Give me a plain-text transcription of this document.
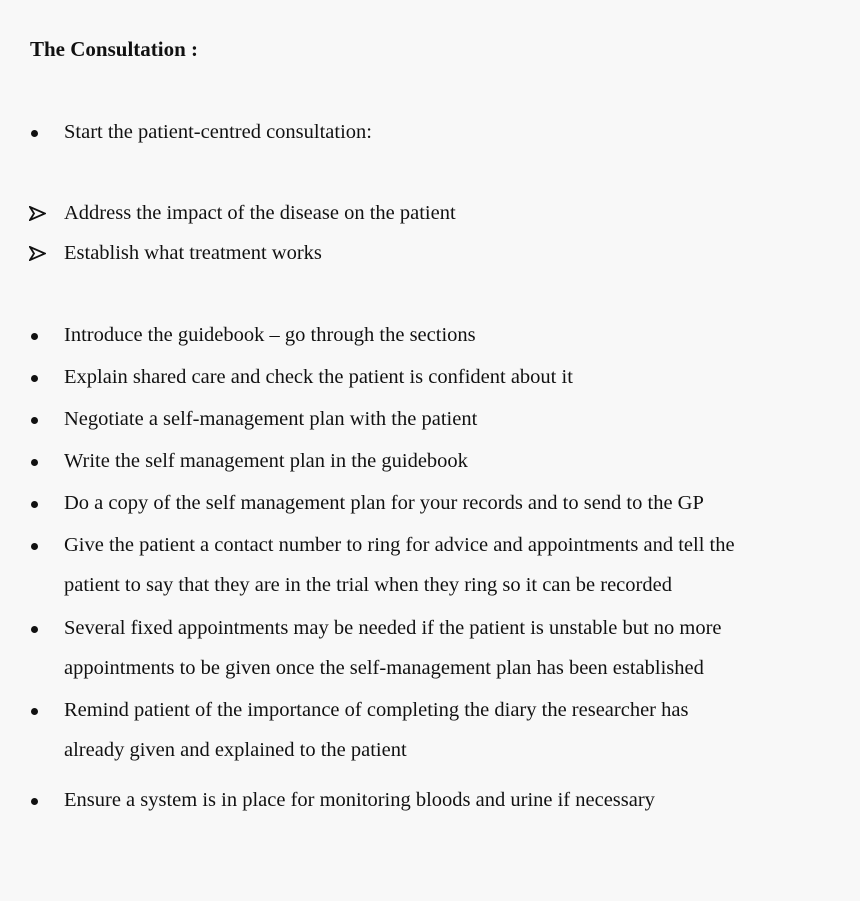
The Consultation :
Start the patient-centred consultation:
Address the impact of the disease on the patient
Establish what treatment works
Introduce the guidebook – go through the sections
Explain shared care and check the patient is confident about it
Negotiate a self-management plan with the patient
Write the self management plan in the guidebook
Do a copy of the self management plan for your records and to send to the GP
Give the patient a contact number to ring for advice and appointments and tell the
patient to say that they are in the trial when they ring so it can be recorded
Several fixed appointments may be needed if the patient is unstable but no more
appointments to be given once the self-management plan has been established
Remind patient of the importance of completing the diary the researcher has
already given and explained to the patient
Ensure a system is in place for monitoring bloods and urine if necessary
